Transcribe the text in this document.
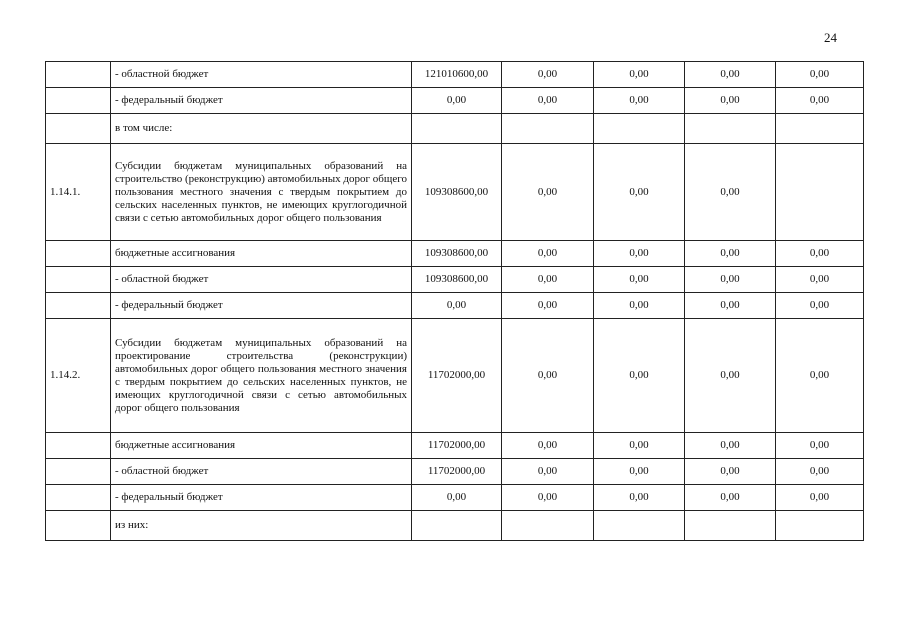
24
	- областной бюджет	121010600,00	0,00	0,00	0,00	0,00
	- федеральный бюджет	0,00	0,00	0,00	0,00	0,00
	в том числе:					
1.14.1.	Субсидии бюджетам муниципальных образований на строительство (реконструкцию) автомобильных дорог общего пользования местного значения с твердым покрытием до сельских населенных пунктов, не имеющих круглогодичной связи с сетью автомобильных дорог общего пользования	109308600,00	0,00	0,00	0,00	
	бюджетные ассигнования	109308600,00	0,00	0,00	0,00	0,00
	- областной бюджет	109308600,00	0,00	0,00	0,00	0,00
	- федеральный бюджет	0,00	0,00	0,00	0,00	0,00
1.14.2.	Субсидии бюджетам муниципальных образований на проектирование строительства (реконструкции) автомобильных дорог общего пользования местного значения с твердым покрытием до сельских населенных пунктов, не имеющих круглогодичной связи с сетью автомобильных дорог общего пользования	11702000,00	0,00	0,00	0,00	0,00
	бюджетные ассигнования	11702000,00	0,00	0,00	0,00	0,00
	- областной бюджет	11702000,00	0,00	0,00	0,00	0,00
	- федеральный бюджет	0,00	0,00	0,00	0,00	0,00
	из них:					
